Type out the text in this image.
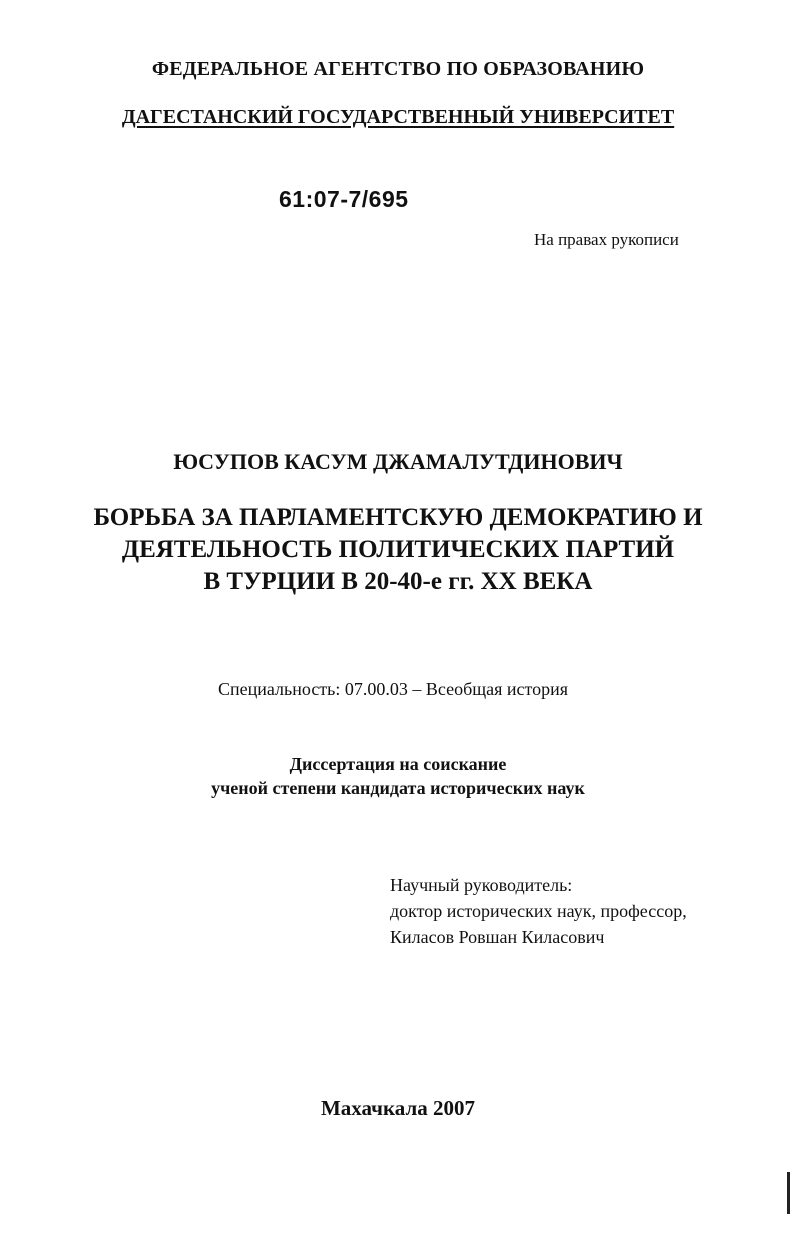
ФЕДЕРАЛЬНОЕ АГЕНТСТВО ПО ОБРАЗОВАНИЮ
ДАГЕСТАНСКИЙ ГОСУДАРСТВЕННЫЙ УНИВЕРСИТЕТ
61:07-7/695
На правах рукописи
ЮСУПОВ КАСУМ ДЖАМАЛУТДИНОВИЧ
БОРЬБА ЗА ПАРЛАМЕНТСКУЮ ДЕМОКРАТИЮ И
ДЕЯТЕЛЬНОСТЬ ПОЛИТИЧЕСКИХ ПАРТИЙ
В ТУРЦИИ В 20-40-е гг. XX ВЕКА
Специальность: 07.00.03 – Всеобщая история
Диссертация на соискание
ученой степени кандидата исторических наук
Научный руководитель:
доктор исторических наук, профессор,
Киласов Ровшан Киласович
Махачкала 2007
